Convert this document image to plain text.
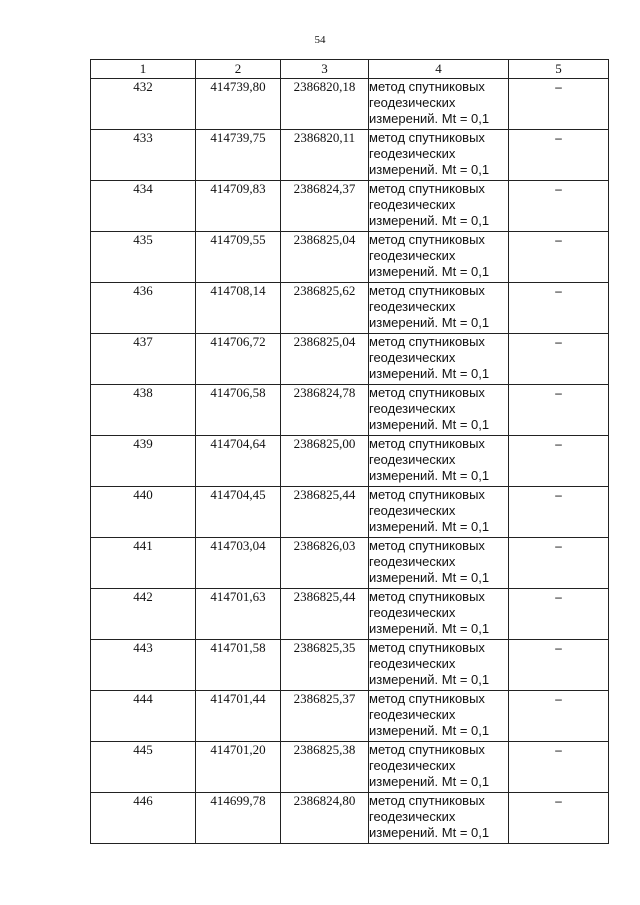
54
1	2	3	4	5
432	414739,80	2386820,18	метод спутниковых
геодезических
измерений. Mt = 0,1	–
433	414739,75	2386820,11	метод спутниковых
геодезических
измерений. Mt = 0,1	–
434	414709,83	2386824,37	метод спутниковых
геодезических
измерений. Mt = 0,1	–
435	414709,55	2386825,04	метод спутниковых
геодезических
измерений. Mt = 0,1	–
436	414708,14	2386825,62	метод спутниковых
геодезических
измерений. Mt = 0,1	–
437	414706,72	2386825,04	метод спутниковых
геодезических
измерений. Mt = 0,1	–
438	414706,58	2386824,78	метод спутниковых
геодезических
измерений. Mt = 0,1	–
439	414704,64	2386825,00	метод спутниковых
геодезических
измерений. Mt = 0,1	–
440	414704,45	2386825,44	метод спутниковых
геодезических
измерений. Mt = 0,1	–
441	414703,04	2386826,03	метод спутниковых
геодезических
измерений. Mt = 0,1	–
442	414701,63	2386825,44	метод спутниковых
геодезических
измерений. Mt = 0,1	–
443	414701,58	2386825,35	метод спутниковых
геодезических
измерений. Mt = 0,1	–
444	414701,44	2386825,37	метод спутниковых
геодезических
измерений. Mt = 0,1	–
445	414701,20	2386825,38	метод спутниковых
геодезических
измерений. Mt = 0,1	–
446	414699,78	2386824,80	метод спутниковых
геодезических
измерений. Mt = 0,1	–
